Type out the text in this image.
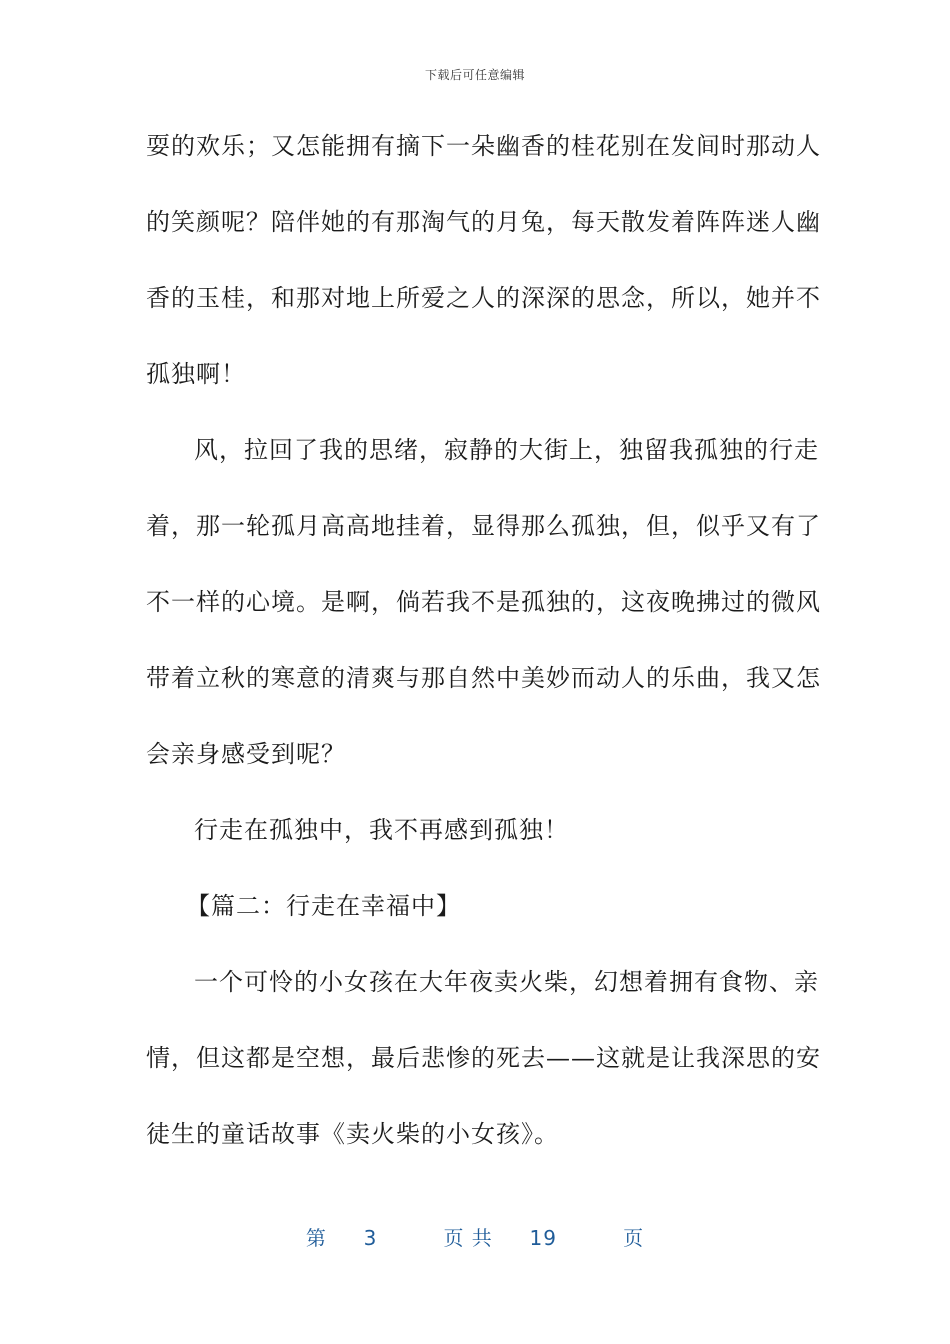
下载后可任意编辑
耍的欢乐；又怎能拥有摘下一朵幽香的桂花别在发间时那动人
的笑颜呢？陪伴她的有那淘气的月兔，每天散发着阵阵迷人幽
香的玉桂，和那对地上所爱之人的深深的思念，所以，她并不
孤独啊！
风，拉回了我的思绪，寂静的大街上，独留我孤独的行走
着，那一轮孤月高高地挂着，显得那么孤独，但，似乎又有了
不一样的心境。是啊，倘若我不是孤独的，这夜晚拂过的微风
带着立秋的寒意的清爽与那自然中美妙而动人的乐曲，我又怎
会亲身感受到呢？
行走在孤独中，我不再感到孤独！
【篇二：行走在幸福中】
一个可怜的小女孩在大年夜卖火柴，幻想着拥有食物、亲
情，但这都是空想，最后悲惨的死去——这就是让我深思的安
徒生的童话故事《卖火柴的小女孩》。
第 3	页 共 19	页
